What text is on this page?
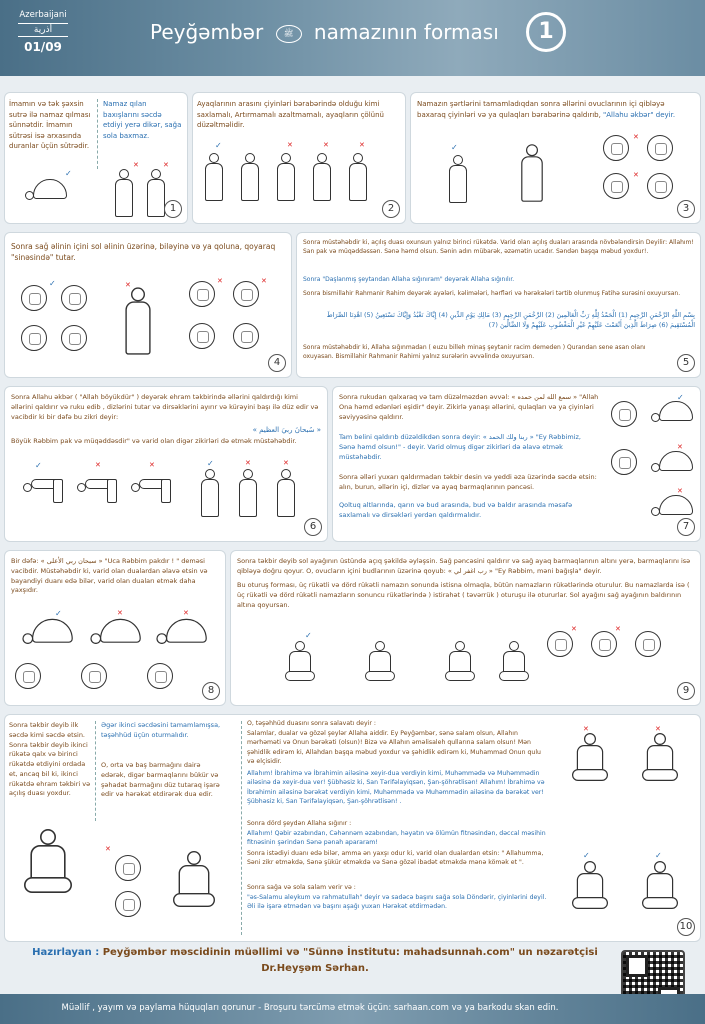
Azerbaijani
أذرية
01/09
Peyğəmbər	ﷺ namazının forması	1
İmamın və tək şəxsin sutrə ilə namaz qılması sünnətdir. İmamın sütrəsi isə arxasında duranlar üçün sütrədir.
Namaz qılan baxışlarını səcdə etdiyi yerə dikər, sağa sola baxmaz.
✓
✕	✕
1
Ayaqlarının arasını çiyinləri bərabərində olduğu kimi saxlamalı, Artırmamalı azaltmamalı, ayaqların çölünü düzəltməlidir.
✓	✕	✕	✕
2
Namazın şərtlərini tamamladıqdan sonra əllərini ovuclarının içi qibləyə baxaraq çiyinləri və ya qulaqları bərabərinə qaldırıb, "Allahu əkbər" deyir.
✓
✕
✕
3
Sonra sağ əlinin içini sol əlinin üzərinə, biləyinə və ya qoluna, qoyaraq "sinəsində" tutar.
✓	✕	✕	✕
4
Sonra müstəhəbdir ki, açılış duası oxunsun yalnız birinci rükətdə. Varid olan açılış duaları arasında növbələndirsin Deyilir: Allahım! San pak və müqəddəssən. Sənə həmd olsun. Sənin adın mübarək, əzəmətin ucadır. Səndən başqa məbud yoxdur!.
Sonra "Daşlanmış şeytandan Allaha sığınıram" deyərək Allaha sığınılır.
Sonra bismillahir Rahmanir Rahim deyərək ayələri, kəlimələri, hərfləri və hərəkələri tərtib olunmuş Fatihə surəsini oxuyursan.
بِسْمِ اللَّهِ الرَّحْمَنِ الرَّحِيمِ (1) الْحَمْدُ لِلَّهِ رَبِّ الْعَالَمِينَ (2) الرَّحْمَنِ الرَّحِيمِ (3) مَالِكِ يَوْمِ الدِّينِ (4) إِيَّاكَ نَعْبُدُ وَإِيَّاكَ نَسْتَعِينُ (5) اهْدِنَا الصِّرَاطَ الْمُسْتَقِيمَ (6) صِرَاطَ الَّذِينَ أَنْعَمْتَ عَلَيْهِمْ غَيْرِ الْمَغْضُوبِ عَلَيْهِمْ وَلَا الضَّالِّينَ (7)
Sonra müstəhəbdir ki, Allaha sığınmadan ( euzu billeh minaş şeytanir racim demeden ) Qurandan sene asan olanı oxuyasan. Bismillahir Rahmanir Rahimi yalnız surələrin əvvəlində oxuyursan.
5
Sonra Allahu əkbər ( "Allah böyükdür" ) deyərək ehram təkbirində əllərini qaldırdığı kimi əllərini qaldırır və ruku edib , dizlərini tutar və dirsəklərini ayırır və kürəyini başı ilə düz edir və vacibdir ki bir dəfə bu zikri deyir:
« سُبحانَ ربيَ العظيم »
Böyük Rəbbim pak və müqəddəsdir" və varid olan digər zikirləri də etmək müstəhəbdir.
✓	✕	✕	✓	✕	✕
6
Sonra rukudan qalxaraq və tam düzəlməzdən əvvəl: « سمع الله لمن حمده » "Allah Ona həmd edənləri eşidir" deyir. Zikirlə yanaşı əllərini, qulaqları və ya çiyinləri səviyyəsinə qaldırır.
Tam belini qaldırıb düzəldikdən sonra deyir: « ربنا ولك الحمد » "Ey Rəbbimiz, Sənə həmd olsun!" - deyir. Varid olmuş digər zikirləri də əlavə etmək müstəhəbdir.
Sonra əlləri yuxarı qaldırmadan təkbir desin və yeddi əza üzərində səcdə etsin: alın, burun, əllərin içi, dizlər və ayaq barmaqlarının pəncəsi.
Qoltuq altlarında, qarın və bud arasında, bud və baldır arasında məsafə saxlamalı və dirsəkləri yerdən qaldırmalıdır.
✓
✕
✕
7
Bir dəfə: « سبحان ربي الأعلى » "Uca Rəbbim pakdır ! " deməsi vacibdir. Müstəhəbdir ki, varid olan dualardan əlavə etsin və bayandiyi duanı edə bilər, varid olan duaları etmək daha yaxşıdır.
✓	✕	✕
8
Sonra təkbir deyib sol ayağının üstündə açıq şəkildə əyləşsin. Sağ pəncəsini qaldırır və sağ ayaq barmaqlarının altını yerə, barmaqlarını isə qibləyə doğru qoyur. O, ovucların içini budlarının üzərinə qoyub: « رب اغفر لي » "Ey Rəbbim, məni bağışla" deyir.
Bu oturuş forması, üç rükətli və dörd rükətli namazın sonunda istisna olmaqla, bütün namazların rükətlərində oturulur. Bu namazlarda isə ( üç rükətli və dörd rükətli namazların sonuncu rükətlərində ) istirahət ( təvərrük ) oturuşu ilə otururlar. Sol ayağını sağ ayağının baldırının altına qoyursan.
✓
✕	✕
9
Sonra təkbir deyib ilk səcdə kimi səcdə etsin. Sonra təkbir deyib ikinci rükətə qalx və birinci rükətdə etdiyini ordada et, ancaq bil ki, ikinci rükətdə ehram təkbiri və açılış duası yoxdur.
Əgər ikinci səcdəsini tamamlamışsa, təşəhhüd üçün oturmalıdır.
O, orta və baş barmağını dairə edərək, digər barmaqlarını bükür və şəhadət barmağını düz tutaraq işarə edir və hərəkət etdirərək dua edir.
O, təşəhhüd duasını sonra salavatı deyir :
Salamlar, dualar və gözəl şeylər Allaha aiddir. Ey Peyğəmbər, sənə salam olsun, Allahın mərhəməti və Onun bərəkəti (olsun)! Bizə və Allahın əməlisaleh qullarına salam olsun! Mən şəhidlik edirəm ki, Allahdan başqa məbud yoxdur və şəhidlik edirəm ki, Muhammad Onun qulu və elçisidir.
Allahım! İbrahimə və İbrahimin ailəsinə xeyir-dua verdiyin kimi, Muhəmmədə və Muhəmmədin ailəsinə də xeyir-dua ver! Şübhəsiz ki, San Tərifəlayiqsən, Şan-şöhrətlisən! Allahım! İbrahimə və İbrahimin ailəsinə bərəkət verdiyin kimi, Muhəmmədə və Muhəmmədin ailəsinə də bərəkət ver! Şübhəsiz ki, San Tərifəlayiqsən, Şan-şöhrətlisən! .
Sonra dörd şeydən Allaha sığınır :
Allahım! Qəbir əzabından, Cəhənnəm əzabından, həyatın və ölümün fitnəsindən, dəccal məsihin fitnəsinin şərindən Sənə pənah apararam!
Sonra istədiyi duanı edə bilər, amma ən yaxşı odur ki, varid olan dualardan etsin: " Allahumma, Səni zikr etməkdə, Sənə şükür etməkdə və Sənə gözəl ibadət etməkdə mənə kömək et ".
Sonra sağa və sola salam verir və :
"əs-Salamu aleykum və rahmatullah" deyir və sadəcə başını sağa sola Döndərir, çiyinlərini deyil. Əli ilə işarə etmədən və başını aşağı yuxarı Hərəkət etdirmədən.
✕	✕
✓	✓
✕
10
Hazırlayan : Peyğəmbər məscidinin müəllimi və "Sünnə İnstitutu: mahadsunnah.com" un nəzarətçisi
Dr.Heyşəm Sərhan.
Müəllif , yayım və paylama hüquqları qorunur - Broşuru tərcümə etmək üçün: sarhaan.com və ya barkodu skan edin.
